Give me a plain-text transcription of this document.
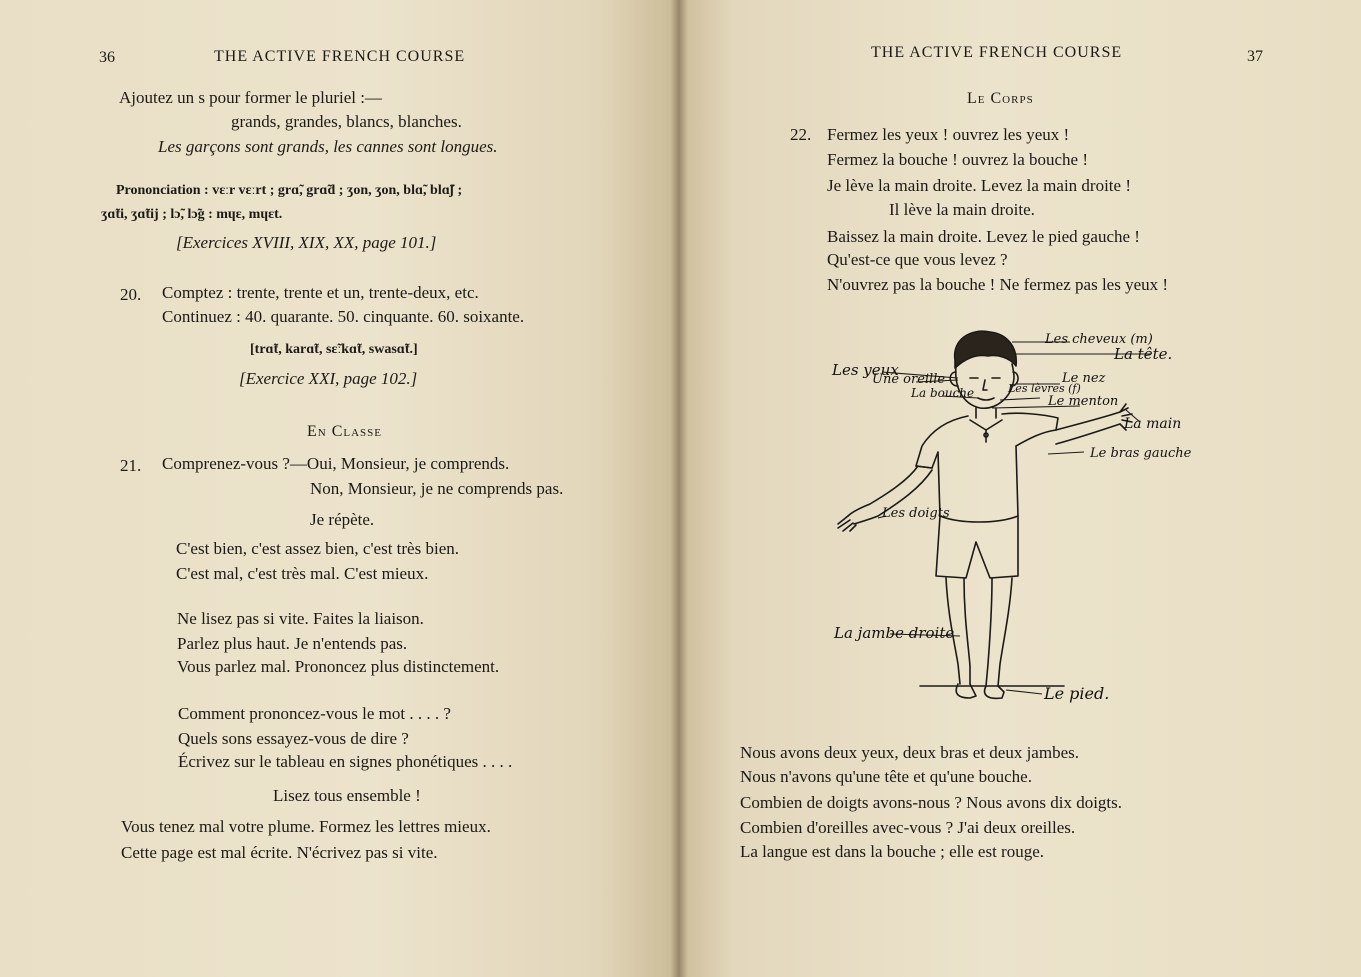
36	THE ACTIVE FRENCH COURSE
Ajoutez un s pour former le pluriel :—
grands, grandes, blancs, blanches.
Les garçons sont grands, les cannes sont longues.
Prononciation : vɛːr vɛːrt ; grɑ̃, grɑ̃d ; ʒon, ʒon, blɑ̃, blɑ̃ʃ ;
ʒɑ̃ti, ʒɑ̃tij ; lɔ̃, lɔ̃g : mɥɛ, mɥɛt.
[Exercices XVIII, XIX, XX, page 101.]
20. Comptez : trente, trente et un, trente-deux, etc.
Continuez : 40. quarante. 50. cinquante. 60. soixante.
[trɑ̃t, karɑ̃t, sɛ̃ːkɑ̃t, swasɑ̃t.]
[Exercice XXI, page 102.]
En Classe
21. Comprenez-vous ?—Oui, Monsieur, je comprends.
Non, Monsieur, je ne comprends pas.
Je répète.
C'est bien, c'est assez bien, c'est très bien.
C'est mal, c'est très mal. C'est mieux.
Ne lisez pas si vite. Faites la liaison.
Parlez plus haut. Je n'entends pas.
Vous parlez mal. Prononcez plus distinctement.
Comment prononcez-vous le mot . . . . ?
Quels sons essayez-vous de dire ?
Écrivez sur le tableau en signes phonétiques . . . .
Lisez tous ensemble !
Vous tenez mal votre plume. Formez les lettres mieux.
Cette page est mal écrite. N'écrivez pas si vite.
THE ACTIVE FRENCH COURSE	37
Le Corps
22. Fermez les yeux ! ouvrez les yeux !
Fermez la bouche ! ouvrez la bouche !
Je lève la main droite. Levez la main droite !
Il lève la main droite.
Baissez la main droite. Levez le pied gauche !
Qu'est-ce que vous levez ?
N'ouvrez pas la bouche ! Ne fermez pas les yeux !
Les cheveux (m)
La tête.
Les yeux
Une oreille
La bouche
Le nez
Les lèvres (f)
Le menton
La main
Le bras gauche
Les doigts
La jambe droite
Le pied.
Nous avons deux yeux, deux bras et deux jambes.
Nous n'avons qu'une tête et qu'une bouche.
Combien de doigts avons-nous ? Nous avons dix doigts.
Combien d'oreilles avec-vous ? J'ai deux oreilles.
La langue est dans la bouche ; elle est rouge.
